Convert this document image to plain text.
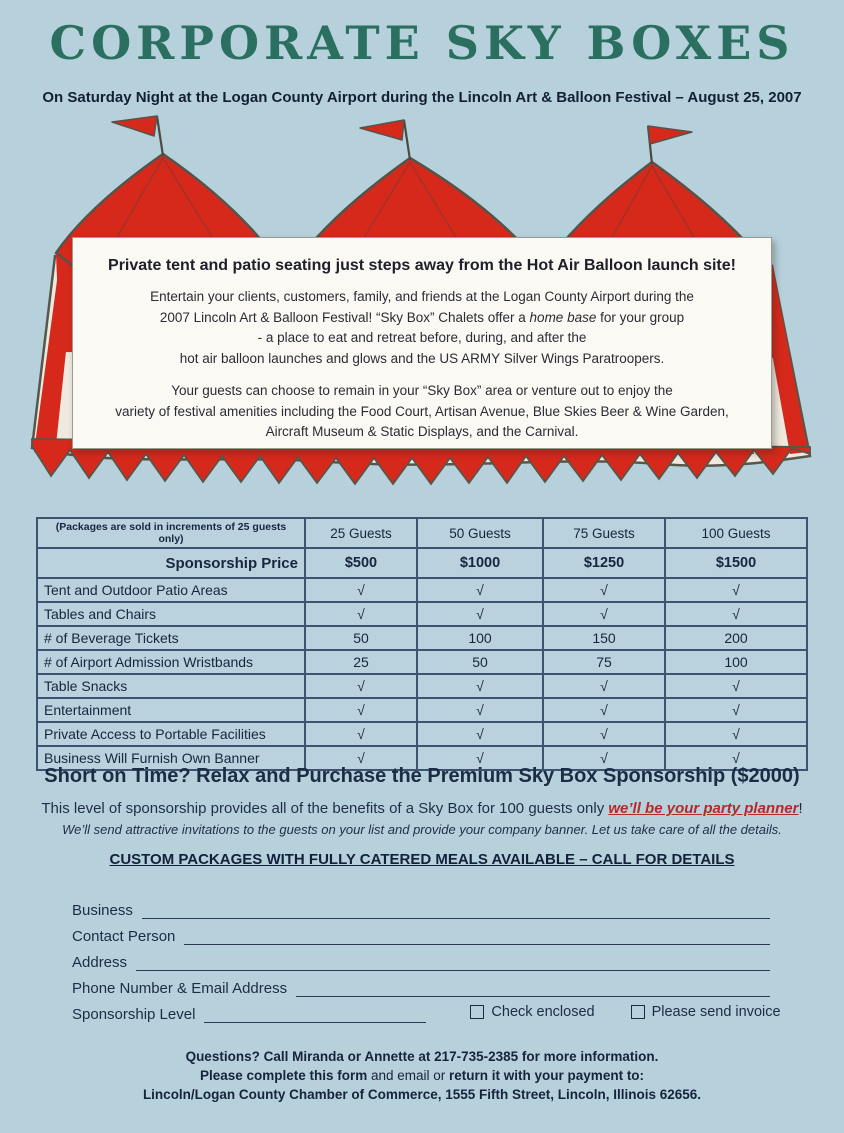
CORPORATE SKY BOXES
On Saturday Night at the Logan County Airport during the Lincoln Art & Balloon Festival – August 25, 2007
Private tent and patio seating just steps away from the Hot Air Balloon launch site!
Entertain your clients, customers, family, and friends at the Logan County Airport during the
2007 Lincoln Art & Balloon Festival! “Sky Box” Chalets offer a home base for your group
- a place to eat and retreat before, during, and after the
hot air balloon launches and glows and the US ARMY Silver Wings Paratroopers.
Your guests can choose to remain in your “Sky Box” area or venture out to enjoy the
variety of festival amenities including the Food Court, Artisan Avenue, Blue Skies Beer & Wine Garden,
Aircraft Museum & Static Displays, and the Carnival.
(Packages are sold in increments of 25 guests only)	25 Guests	50 Guests	75 Guests	100 Guests
Sponsorship Price	$500	$1000	$1250	$1500
Tent and Outdoor Patio Areas	√	√	√	√
Tables and Chairs	√	√	√	√
# of Beverage Tickets	50	100	150	200
# of Airport Admission Wristbands	25	50	75	100
Table Snacks	√	√	√	√
Entertainment	√	√	√	√
Private Access to Portable Facilities	√	√	√	√
Business Will Furnish Own Banner	√	√	√	√
Short on Time? Relax and Purchase the Premium Sky Box Sponsorship ($2000)
This level of sponsorship provides all of the benefits of a Sky Box for 100 guests only we’ll be your party planner!
We’ll send attractive invitations to the guests on your list and provide your company banner. Let us take care of all the details.
CUSTOM PACKAGES WITH FULLY CATERED MEALS AVAILABLE – CALL FOR DETAILS
Business
Contact Person
Address
Phone Number & Email Address
Sponsorship Level	Check enclosed	Please send invoice
Questions? Call Miranda or Annette at 217-735-2385 for more information.
Please complete this form and email or return it with your payment to:
Lincoln/Logan County Chamber of Commerce, 1555 Fifth Street, Lincoln, Illinois 62656.
